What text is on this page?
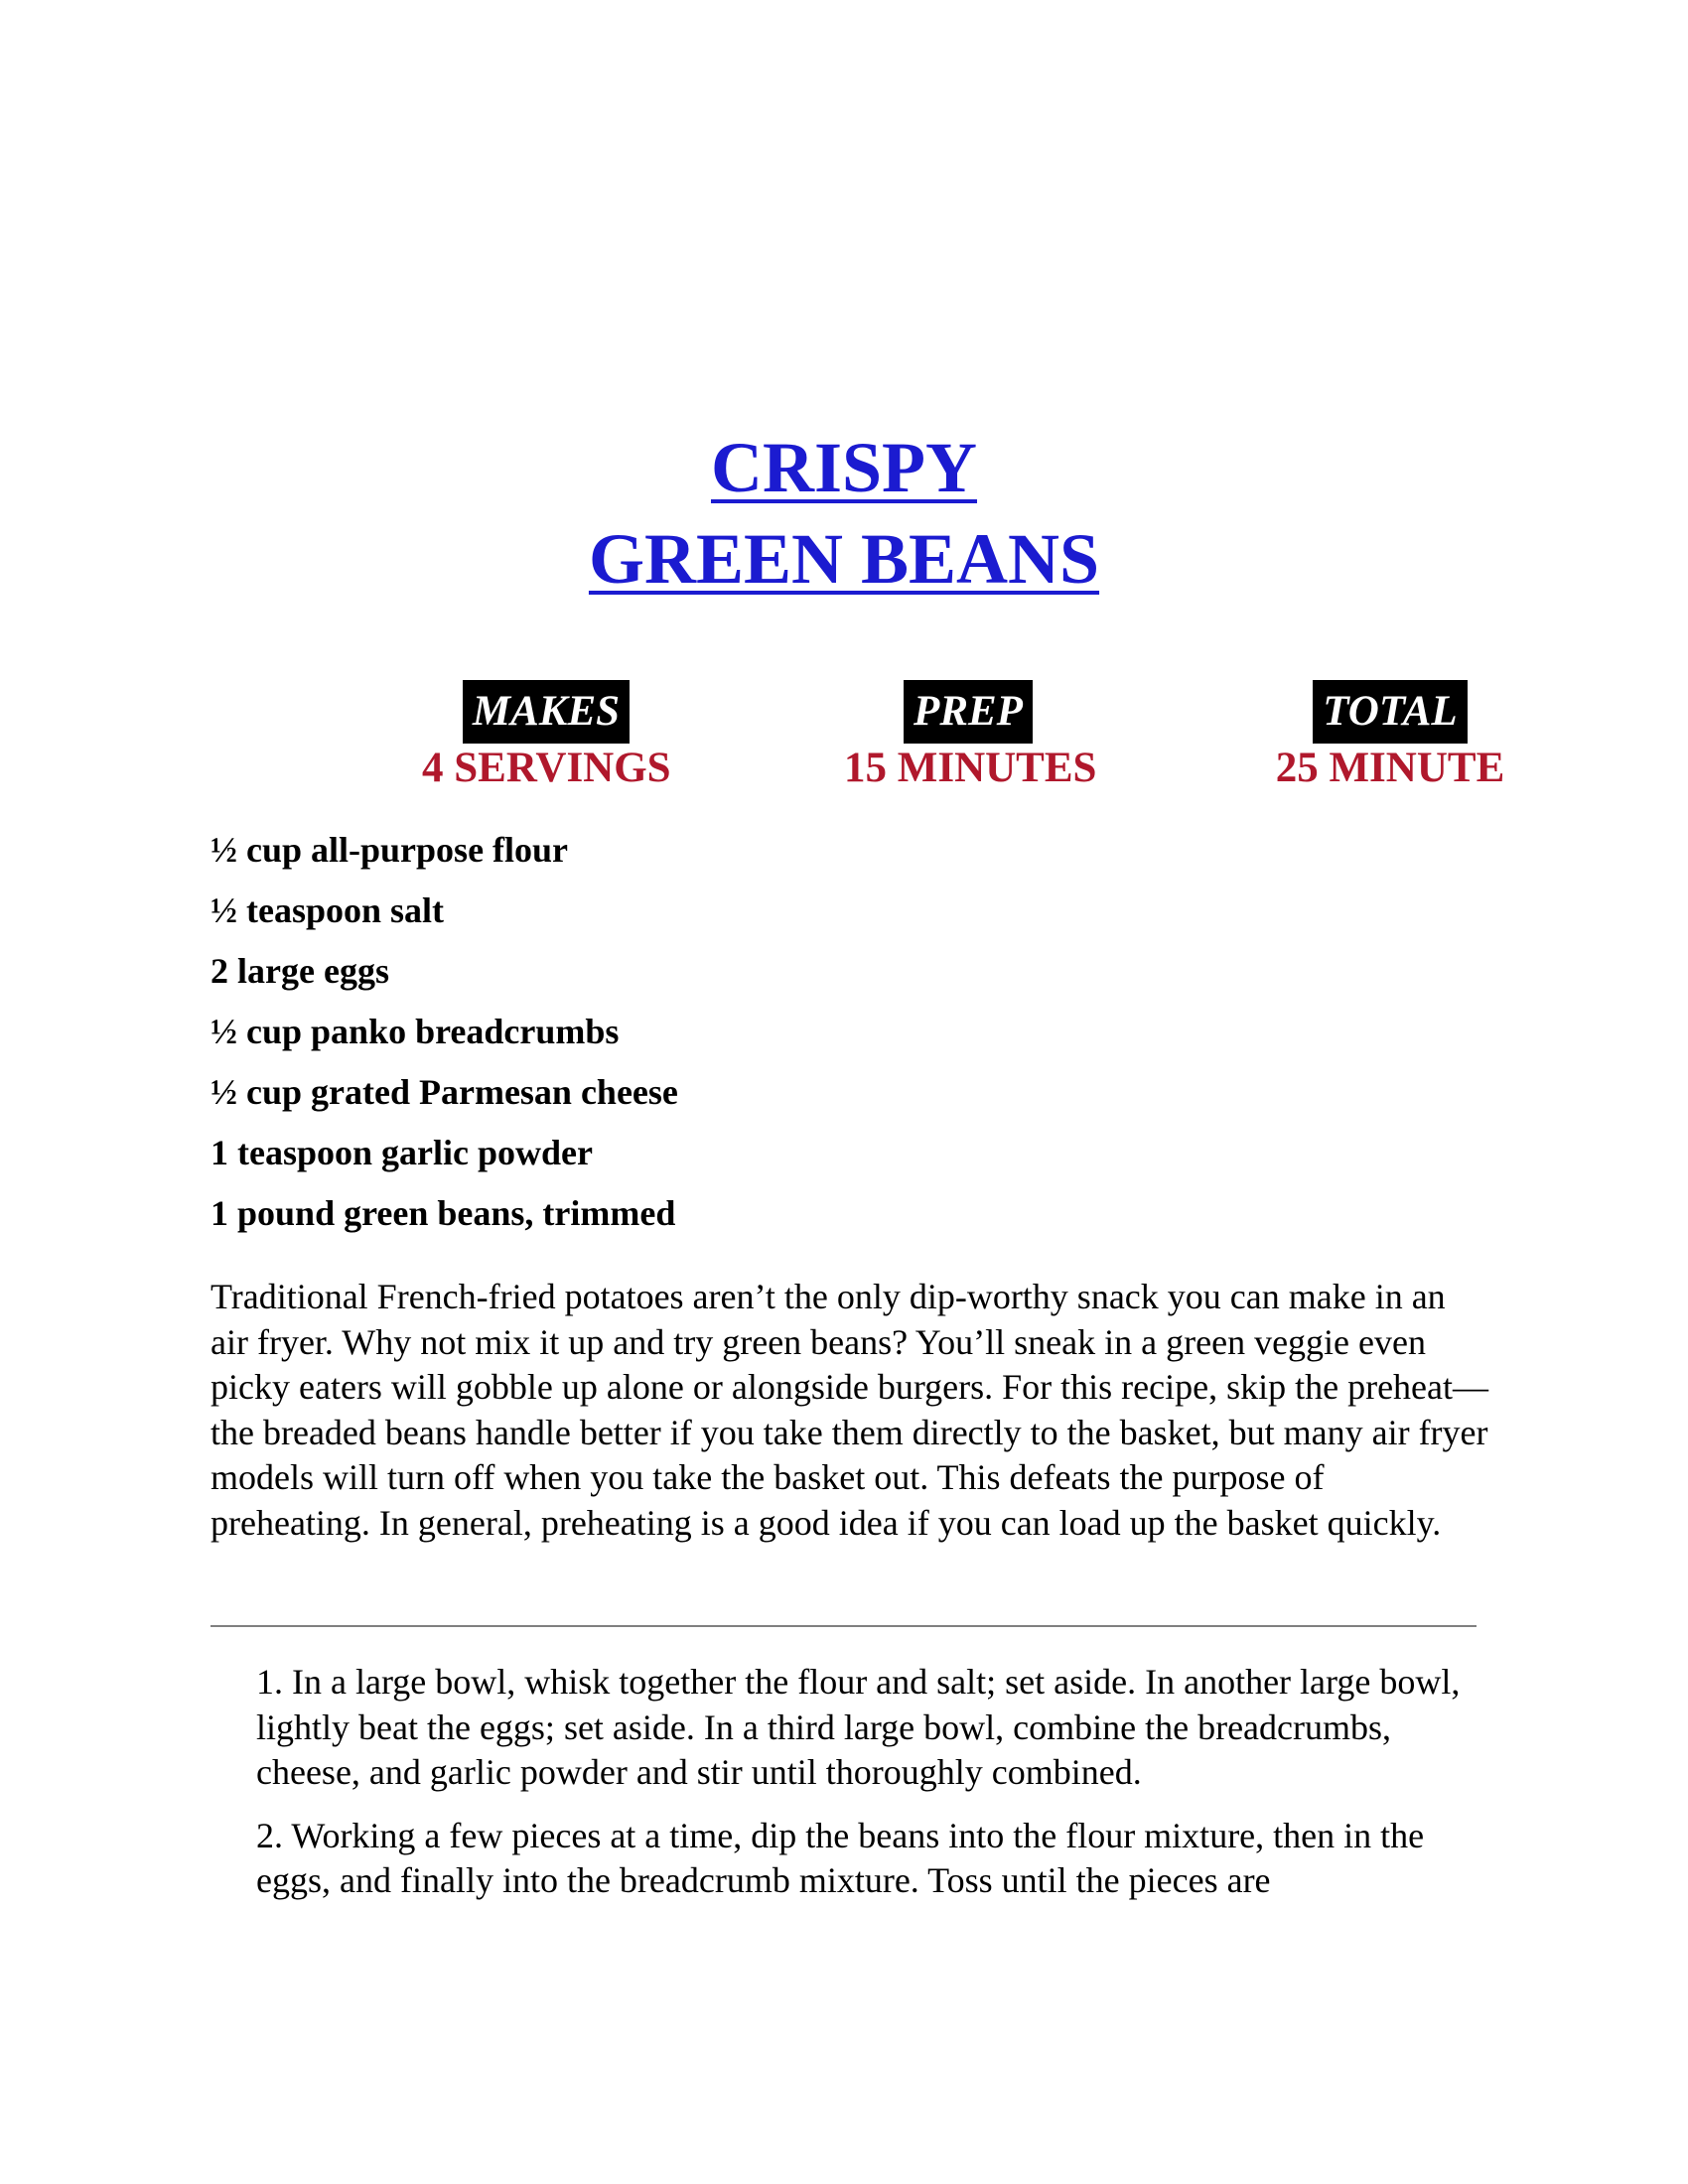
CRISPY
GREEN BEANS
MAKES
4 SERVINGS
PREP
15 MINUTES
TOTAL
25 MINUTE
½ cup all-purpose flour
½ teaspoon salt
2 large eggs
½ cup panko breadcrumbs
½ cup grated Parmesan cheese
1 teaspoon garlic powder
1 pound green beans, trimmed

Traditional French-fried potatoes aren’t the only dip-worthy snack you can make in an air fryer. Why not mix it up and try green beans? You’ll sneak in a green veggie even picky eaters will gobble up alone or alongside burgers. For this recipe, skip the preheat—the breaded beans handle better if you take them directly to the basket, but many air fryer models will turn off when you take the basket out. This defeats the purpose of preheating. In general, preheating is a good idea if you can load up the basket quickly.

1. In a large bowl, whisk together the flour and salt; set aside. In another large bowl, lightly beat the eggs; set aside. In a third large bowl, combine the breadcrumbs, cheese, and garlic powder and stir until thoroughly combined.
2. Working a few pieces at a time, dip the beans into the flour mixture, then in the eggs, and finally into the breadcrumb mixture. Toss until the pieces are
